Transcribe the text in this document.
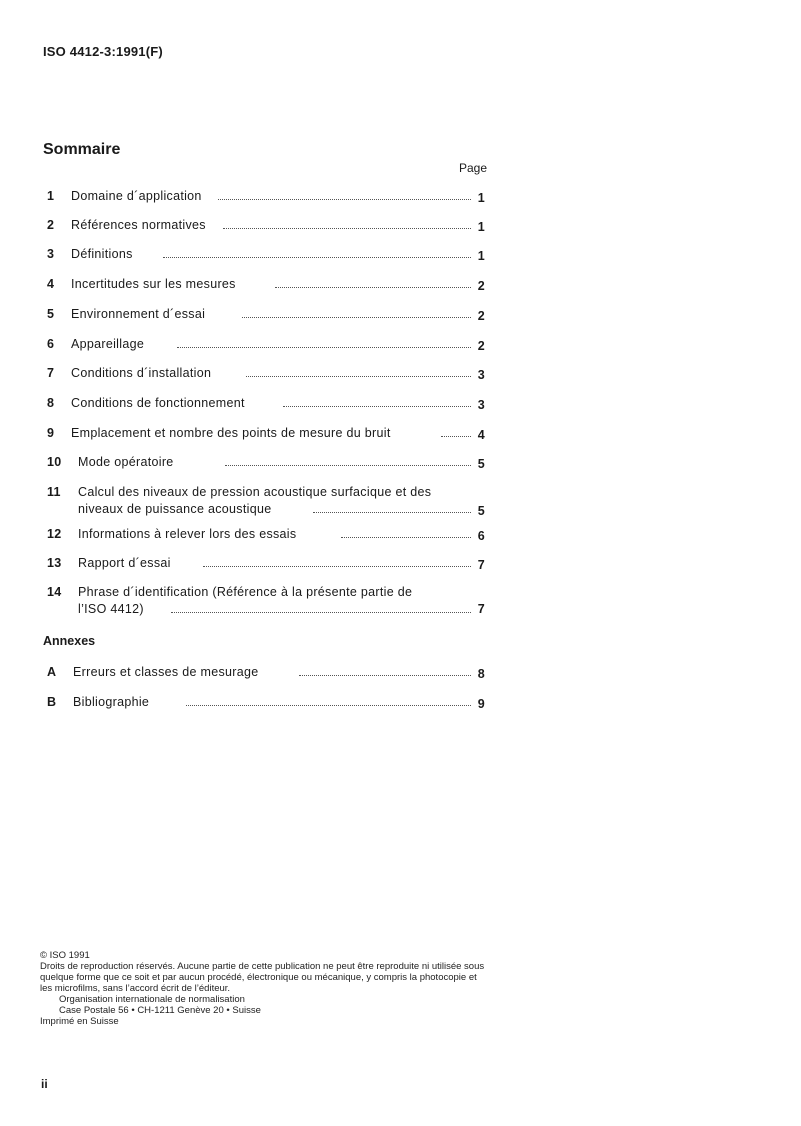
ISO 4412-3:1991(F)
Sommaire
Page
1 Domaine d´application	1
2 Références normatives	1
3 Définitions	1
4 Incertitudes sur les mesures	2
5 Environnement d´essai	2
6 Appareillage	2
7 Conditions d´installation	3
8 Conditions de fonctionnement	3
9 Emplacement et nombre des points de mesure du bruit	4
10 Mode opératoire	5
11 Calcul des niveaux de pression acoustique surfacique et des
niveaux de puissance acoustique	5
12 Informations à relever lors des essais	6
13 Rapport d´essai	7
14 Phrase d´identification (Référence à la présente partie de
l’ISO 4412)	7
Annexes
A Erreurs et classes de mesurage	8
B Bibliographie	9

© ISO 1991

Droits de reproduction réservés. Aucune partie de cette publication ne peut être reproduite ni utilisée sous quelque forme que ce soit et par aucun procédé, électronique ou mécanique, y compris la photocopie et les microfilms, sans l’accord écrit de l’éditeur.

Organisation internationale de normalisation

Case Postale 56 • CH-1211 Genève 20 • Suisse

Imprimé en Suisse

ii
